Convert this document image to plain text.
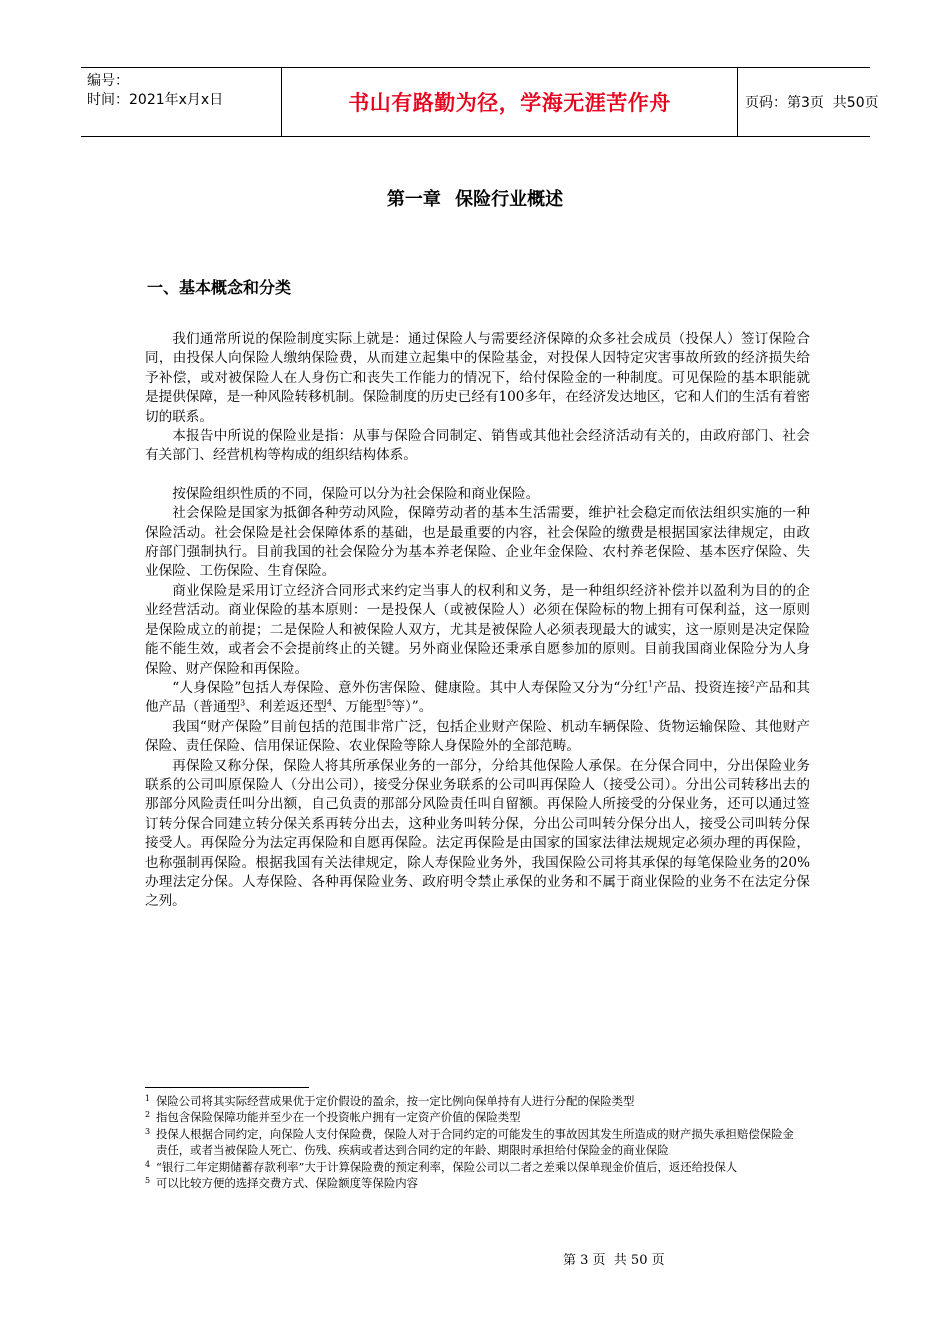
编号：
时间：2021年x月x日	书山有路勤为径，学海无涯苦作舟	页码：第3页  共50页
第一章 保险行业概述
一、基本概念和分类

我们通常所说的保险制度实际上就是：通过保险人与需要经济保障的众多社会成员（投保人）签订保险合同，由投保人向保险人缴纳保险费，从而建立起集中的保险基金，对投保人因特定灾害事故所致的经济损失给予补偿，或对被保险人在人身伤亡和丧失工作能力的情况下，给付保险金的一种制度。可见保险的基本职能就是提供保障，是一种风险转移机制。保险制度的历史已经有100多年，在经济发达地区，它和人们的生活有着密切的联系。

本报告中所说的保险业是指：从事与保险合同制定、销售或其他社会经济活动有关的，由政府部门、社会有关部门、经营机构等构成的组织结构体系。

按保险组织性质的不同，保险可以分为社会保险和商业保险。

社会保险是国家为抵御各种劳动风险，保障劳动者的基本生活需要，维护社会稳定而依法组织实施的一种保险活动。社会保险是社会保障体系的基础，也是最重要的内容，社会保险的缴费是根据国家法律规定，由政府部门强制执行。目前我国的社会保险分为基本养老保险、企业年金保险、农村养老保险、基本医疗保险、失业保险、工伤保险、生育保险。

商业保险是采用订立经济合同形式来约定当事人的权利和义务，是一种组织经济补偿并以盈利为目的的企业经营活动。商业保险的基本原则：一是投保人（或被保险人）必须在保险标的物上拥有可保利益，这一原则是保险成立的前提；二是保险人和被保险人双方，尤其是被保险人必须表现最大的诚实，这一原则是决定保险能不能生效，或者会不会提前终止的关键。另外商业保险还秉承自愿参加的原则。目前我国商业保险分为人身保险、财产保险和再保险。

“人身保险”包括人寿保险、意外伤害保险、健康险。其中人寿保险又分为“分红$^1$产品、投资连接$^2$产品和其他产品（普通型$^3$、利差返还型$^4$、万能型$^5$等）”。

我国“财产保险”目前包括的范围非常广泛，包括企业财产保险、机动车辆保险、货物运输保险、其他财产保险、责任保险、信用保证保险、农业保险等除人身保险外的全部范畴。

再保险又称分保，保险人将其所承保业务的一部分，分给其他保险人承保。在分保合同中，分出保险业务联系的公司叫原保险人（分出公司），接受分保业务联系的公司叫再保险人（接受公司）。分出公司转移出去的那部分风险责任叫分出额，自己负责的那部分风险责任叫自留额。再保险人所接受的分保业务，还可以通过签订转分保合同建立转分保关系再转分出去，这种业务叫转分保，分出公司叫转分保分出人，接受公司叫转分保接受人。再保险分为法定再保险和自愿再保险。法定再保险是由国家的国家法律法规规定必须办理的再保险，也称强制再保险。根据我国有关法律规定，除人寿保险业务外，我国保险公司将其承保的每笔保险业务的20%办理法定分保。人寿保险、各种再保险业务、政府明令禁止承保的业务和不属于商业保险的业务不在法定分保之列。

1 保险公司将其实际经营成果优于定价假设的盈余，按一定比例向保单持有人进行分配的保险类型
2 指包含保险保障功能并至少在一个投资帐户拥有一定资产价值的保险类型
3 投保人根据合同约定，向保险人支付保险费，保险人对于合同约定的可能发生的事故因其发生所造成的财产损失承担赔偿保险金责任，或者当被保险人死亡、伤残、疾病或者达到合同约定的年龄、期限时承担给付保险金的商业保险
4 “银行二年定期储蓄存款利率”大于计算保险费的预定利率，保险公司以二者之差乘以保单现金价值后，返还给投保人
5 可以比较方便的选择交费方式、保险额度等保险内容
第 3 页  共 50 页
